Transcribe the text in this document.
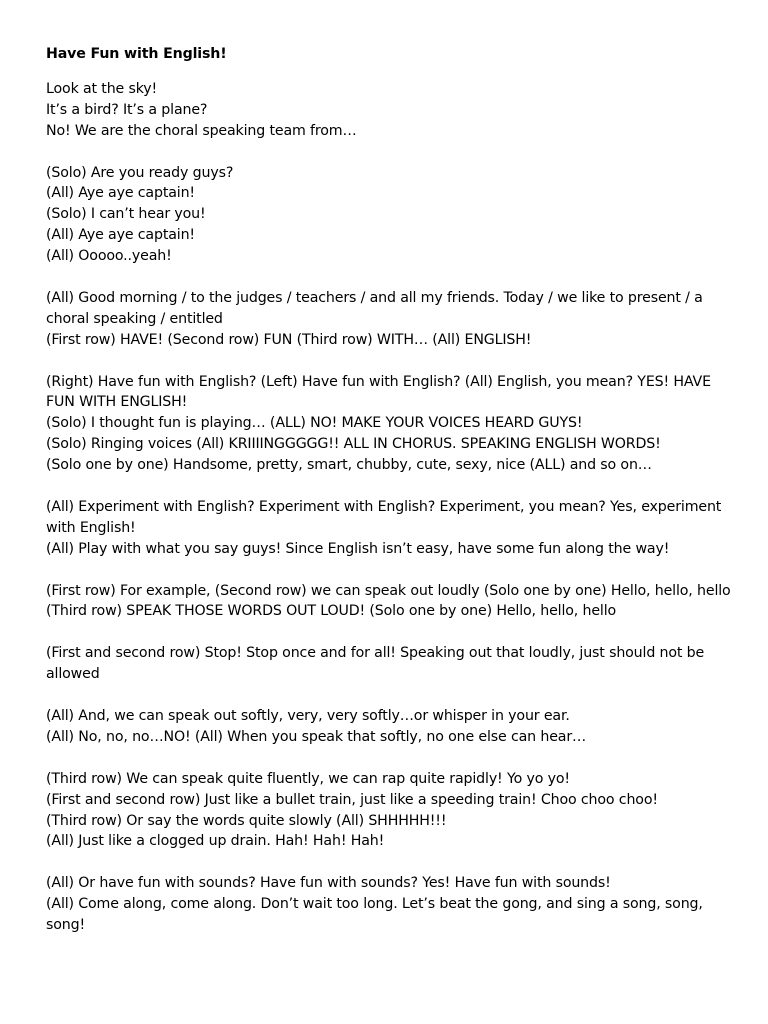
Have Fun with English!
Look at the sky!
It’s a bird? It’s a plane?
No! We are the choral speaking team from…
(Solo) Are you ready guys?
(All) Aye aye captain!
(Solo) I can’t hear you!
(All) Aye aye captain!
(All) Ooooo..yeah!
(All) Good morning / to the judges / teachers / and all my friends. Today / we like to present / a choral speaking / entitled
(First row) HAVE! (Second row) FUN (Third row) WITH… (All) ENGLISH!
(Right) Have fun with English? (Left) Have fun with English? (All) English, you mean? YES! HAVE FUN WITH ENGLISH!
(Solo) I thought fun is playing… (ALL) NO! MAKE YOUR VOICES HEARD GUYS!
(Solo) Ringing voices (All) KRIIIINGGGGG!! ALL IN CHORUS. SPEAKING ENGLISH WORDS!
(Solo one by one) Handsome, pretty, smart, chubby, cute, sexy, nice (ALL) and so on…
(All) Experiment with English? Experiment with English? Experiment, you mean? Yes, experiment with English!
(All) Play with what you say guys! Since English isn’t easy, have some fun along the way!
(First row) For example, (Second row) we can speak out loudly (Solo one by one) Hello, hello, hello
(Third row) SPEAK THOSE WORDS OUT LOUD! (Solo one by one) Hello, hello, hello
(First and second row) Stop! Stop once and for all! Speaking out that loudly, just should not be allowed
(All) And, we can speak out softly, very, very softly…or whisper in your ear.
(All) No, no, no…NO! (All) When you speak that softly, no one else can hear…
(Third row) We can speak quite fluently, we can rap quite rapidly! Yo yo yo!
(First and second row) Just like a bullet train, just like a speeding train! Choo choo choo!
(Third row) Or say the words quite slowly (All) SHHHHH!!!
(All) Just like a clogged up drain. Hah! Hah! Hah!
(All) Or have fun with sounds? Have fun with sounds? Yes! Have fun with sounds!
(All) Come along, come along. Don’t wait too long. Let’s beat the gong, and sing a song, song, song!
